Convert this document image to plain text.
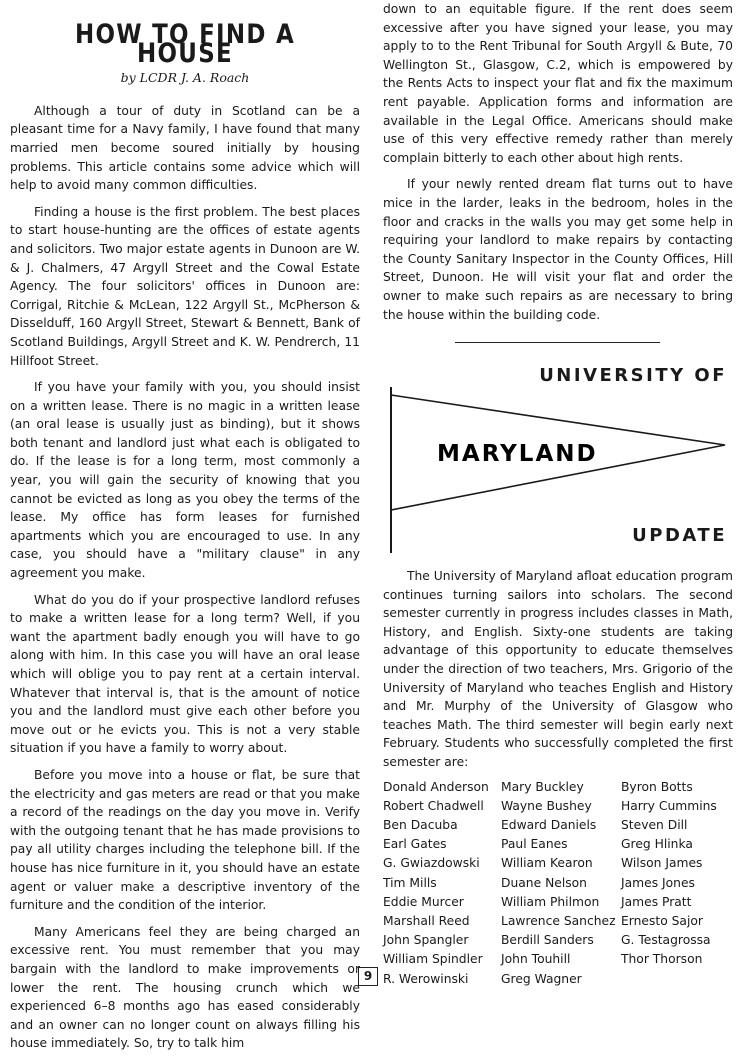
HOW TO FIND A HOUSE
by LCDR J. A. Roach

Although a tour of duty in Scotland can be a pleasant time for a Navy family, I have found that many married men become soured initially by housing problems. This article contains some advice which will help to avoid many common difficulties.

Finding a house is the first problem. The best places to start house-hunting are the offices of estate agents and solicitors. Two major estate agents in Dunoon are W. & J. Chalmers, 47 Argyll Street and the Cowal Estate Agency. The four solicitors' offices in Dunoon are: Corrigal, Ritchie & McLean, 122 Argyll St., McPherson & Disselduff, 160 Argyll Street, Stewart & Bennett, Bank of Scotland Buildings, Argyll Street and K. W. Pendrerch, 11 Hillfoot Street.

If you have your family with you, you should insist on a written lease. There is no magic in a written lease (an oral lease is usually just as binding), but it shows both tenant and landlord just what each is obligated to do. If the lease is for a long term, most commonly a year, you will gain the security of knowing that you cannot be evicted as long as you obey the terms of the lease. My office has form leases for furnished apartments which you are encouraged to use. In any case, you should have a "military clause" in any agreement you make.

What do you do if your prospective landlord refuses to make a written lease for a long term? Well, if you want the apartment badly enough you will have to go along with him. In this case you will have an oral lease which will oblige you to pay rent at a certain interval. Whatever that interval is, that is the amount of notice you and the landlord must give each other before you move out or he evicts you. This is not a very stable situation if you have a family to worry about.

Before you move into a house or flat, be sure that the electricity and gas meters are read or that you make a record of the readings on the day you move in. Verify with the outgoing tenant that he has made provisions to pay all utility charges including the telephone bill. If the house has nice furniture in it, you should have an estate agent or valuer make a descriptive inventory of the furniture and the condition of the interior.

Many Americans feel they are being charged an excessive rent. You must remember that you may bargain with the landlord to make improvements or lower the rent. The housing crunch which we experienced 6–8 months ago has eased considerably and an owner can no longer count on always filling his house immediately. So, try to talk him

down to an equitable figure. If the rent does seem excessive after you have signed your lease, you may apply to to the Rent Tribunal for South Argyll & Bute, 70 Wellington St., Glasgow, C.2, which is empowered by the Rents Acts to inspect your flat and fix the maximum rent payable. Application forms and information are available in the Legal Office. Americans should make use of this very effective remedy rather than merely complain bitterly to each other about high rents.

If your newly rented dream flat turns out to have mice in the larder, leaks in the bedroom, holes in the floor and cracks in the walls you may get some help in requiring your landlord to make repairs by contacting the County Sanitary Inspector in the County Offices, Hill Street, Dunoon. He will visit your flat and order the owner to make such repairs as are necessary to bring the house within the building code.

UNIVERSITY OF
MARYLAND
UPDATE

The University of Maryland afloat education program continues turning sailors into scholars. The second semester currently in progress includes classes in Math, History, and English. Sixty-one students are taking advantage of this opportunity to educate themselves under the direction of two teachers, Mrs. Grigorio of the University of Maryland who teaches English and History and Mr. Murphy of the University of Glasgow who teaches Math. The third semester will begin early next February. Students who successfully completed the first semester are:

Donald Anderson
Robert Chadwell
Ben Dacuba
Earl Gates
G. Gwiazdowski
Tim Mills
Eddie Murcer
Marshall Reed
John Spangler
William Spindler
R. Werowinski
Mary Buckley
Wayne Bushey
Edward Daniels
Paul Eanes
William Kearon
Duane Nelson
William Philmon
Lawrence Sanchez
Berdill Sanders
John Touhill
Greg Wagner
Byron Botts
Harry Cummins
Steven Dill
Greg Hlinka
Wilson James
James Jones
James Pratt
Ernesto Sajor
G. Testagrossa
Thor Thorson
9
